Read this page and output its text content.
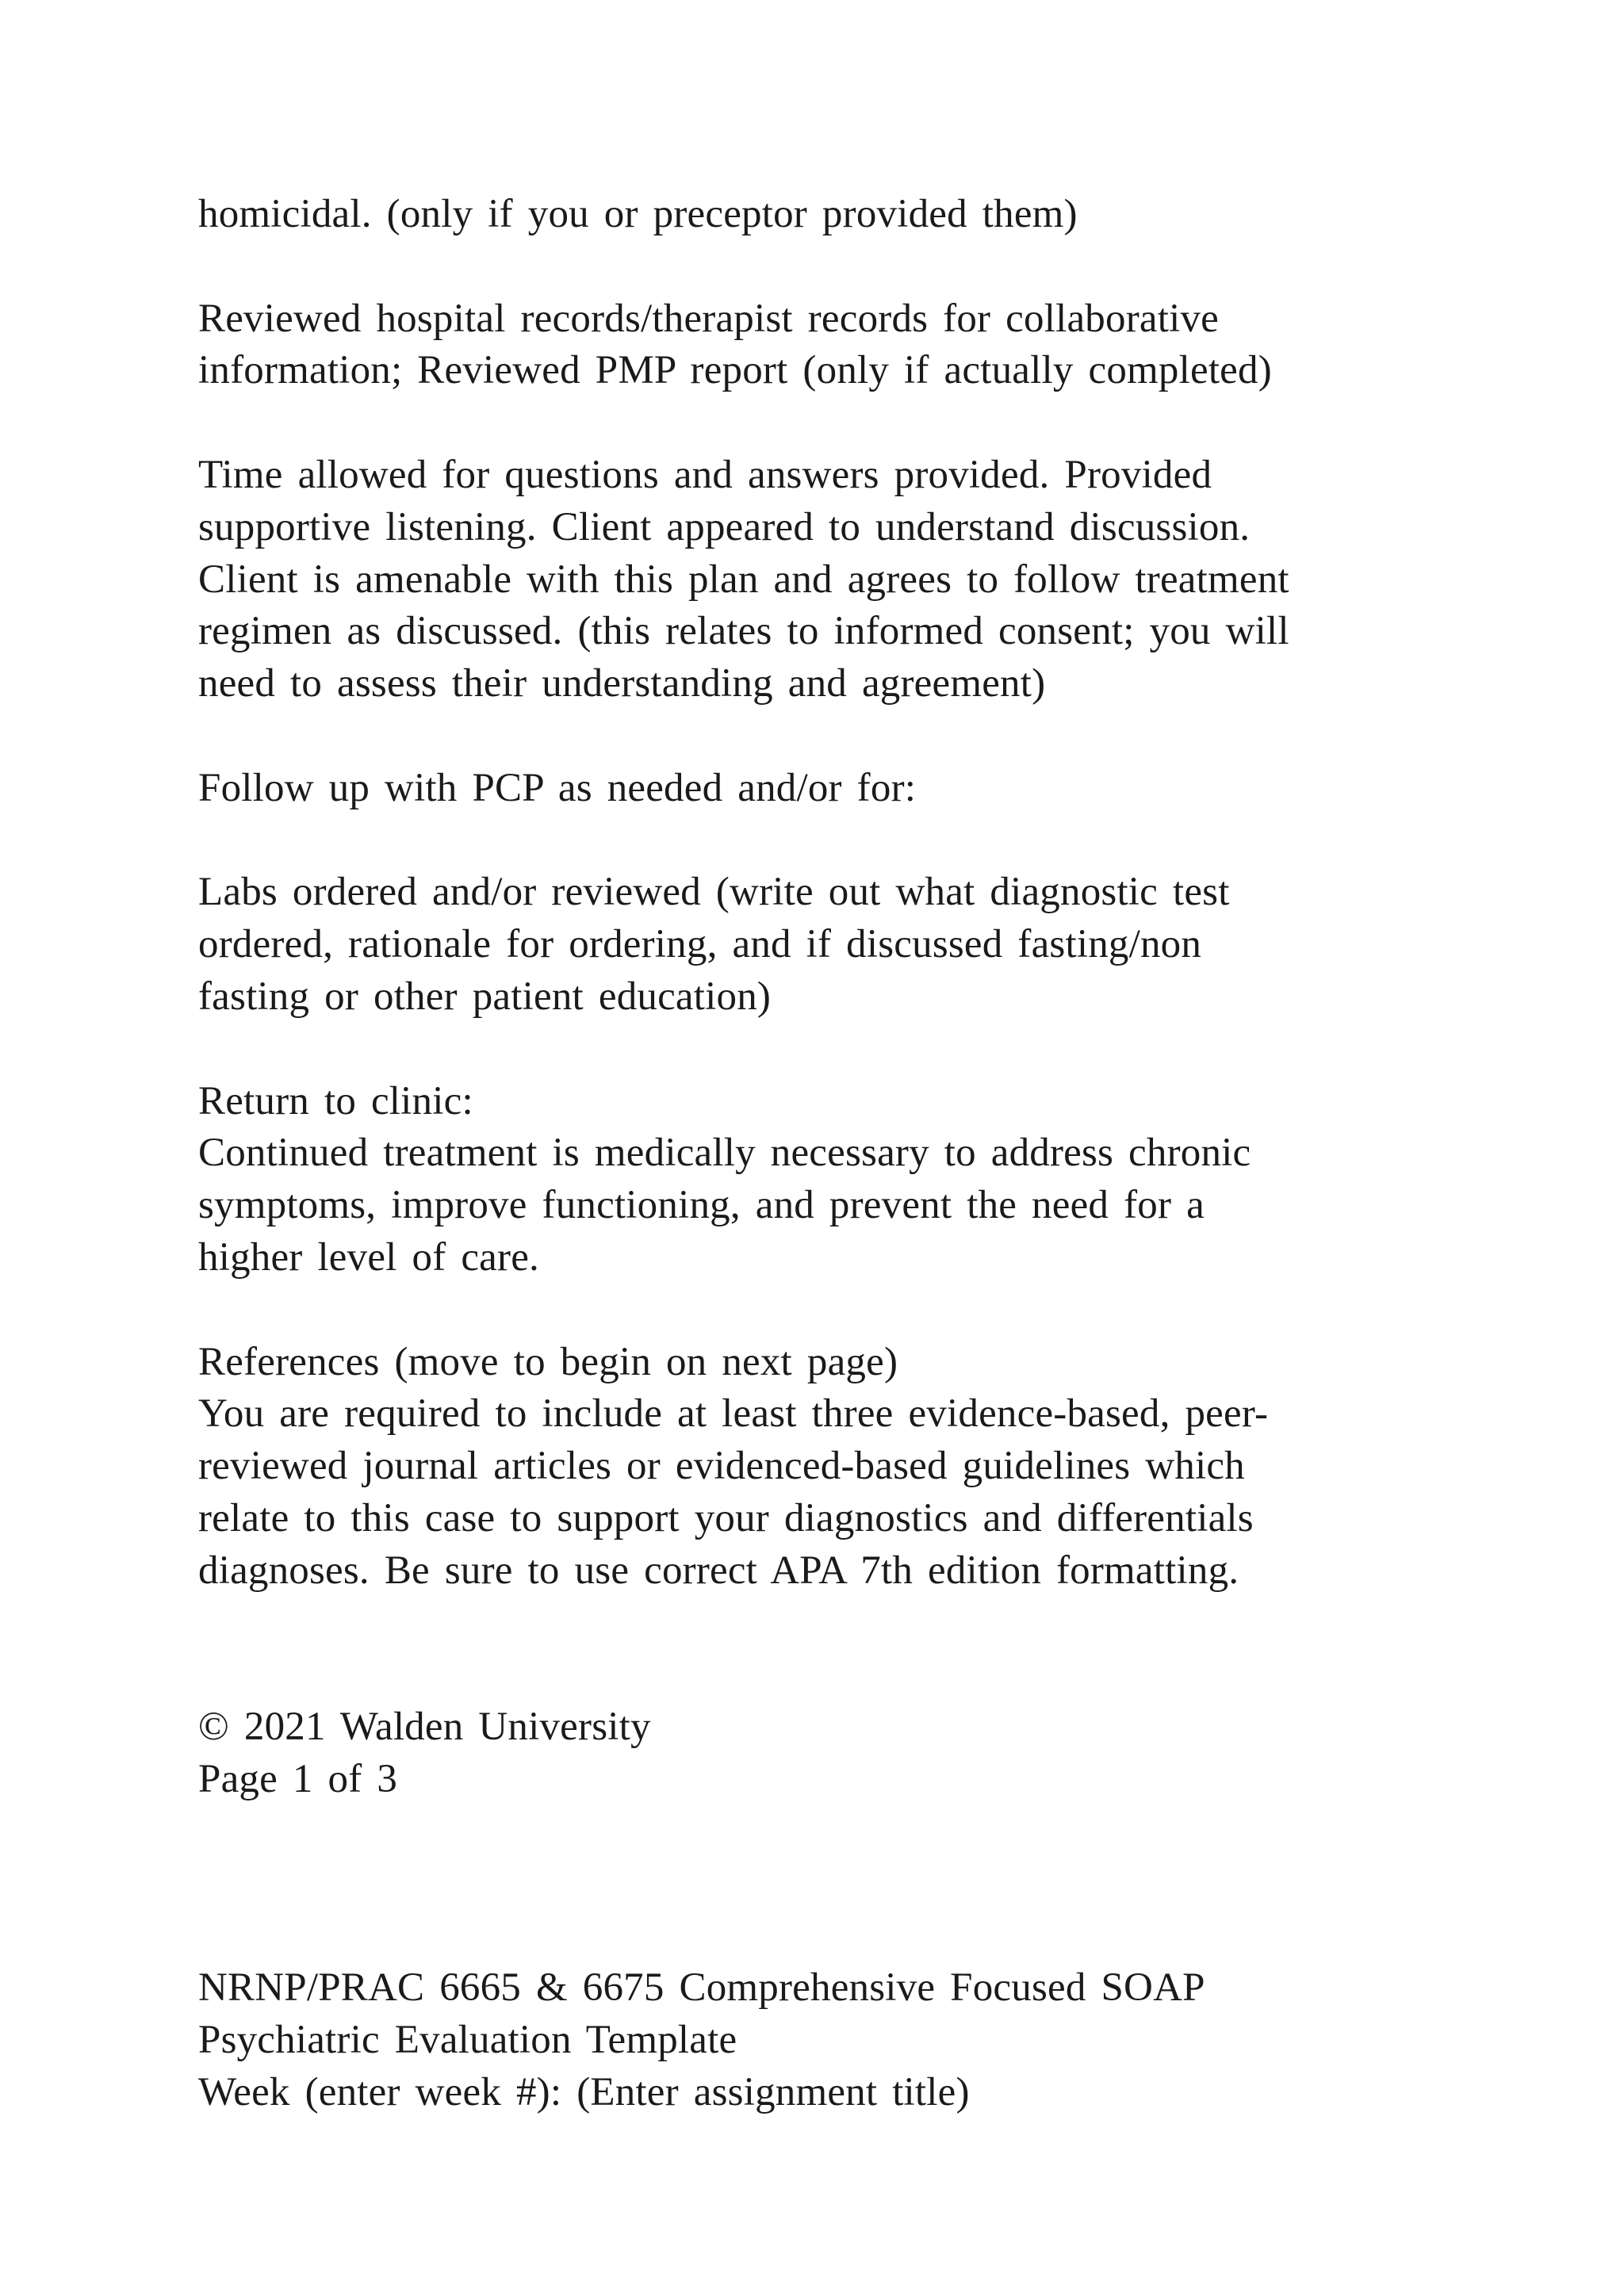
homicidal. (only if you or preceptor provided them)
Reviewed hospital records/therapist records for collaborative
information; Reviewed PMP report (only if actually completed)
Time allowed for questions and answers provided. Provided
supportive listening. Client appeared to understand discussion.
Client is amenable with this plan and agrees to follow treatment
regimen as discussed. (this relates to informed consent; you will
need to assess their understanding and agreement)
Follow up with PCP as needed and/or for:
Labs ordered and/or reviewed (write out what diagnostic test
ordered, rationale for ordering, and if discussed fasting/non
fasting or other patient education)
Return to clinic:
Continued treatment is medically necessary to address chronic
symptoms, improve functioning, and prevent the need for a
higher level of care.
References (move to begin on next page)
You are required to include at least three evidence-based, peer-
reviewed journal articles or evidenced-based guidelines which
relate to this case to support your diagnostics and differentials
diagnoses. Be sure to use correct APA 7th edition formatting.
© 2021 Walden University
Page 1 of 3
NRNP/PRAC 6665 & 6675 Comprehensive Focused SOAP
Psychiatric Evaluation Template
Week (enter week #): (Enter assignment title)
